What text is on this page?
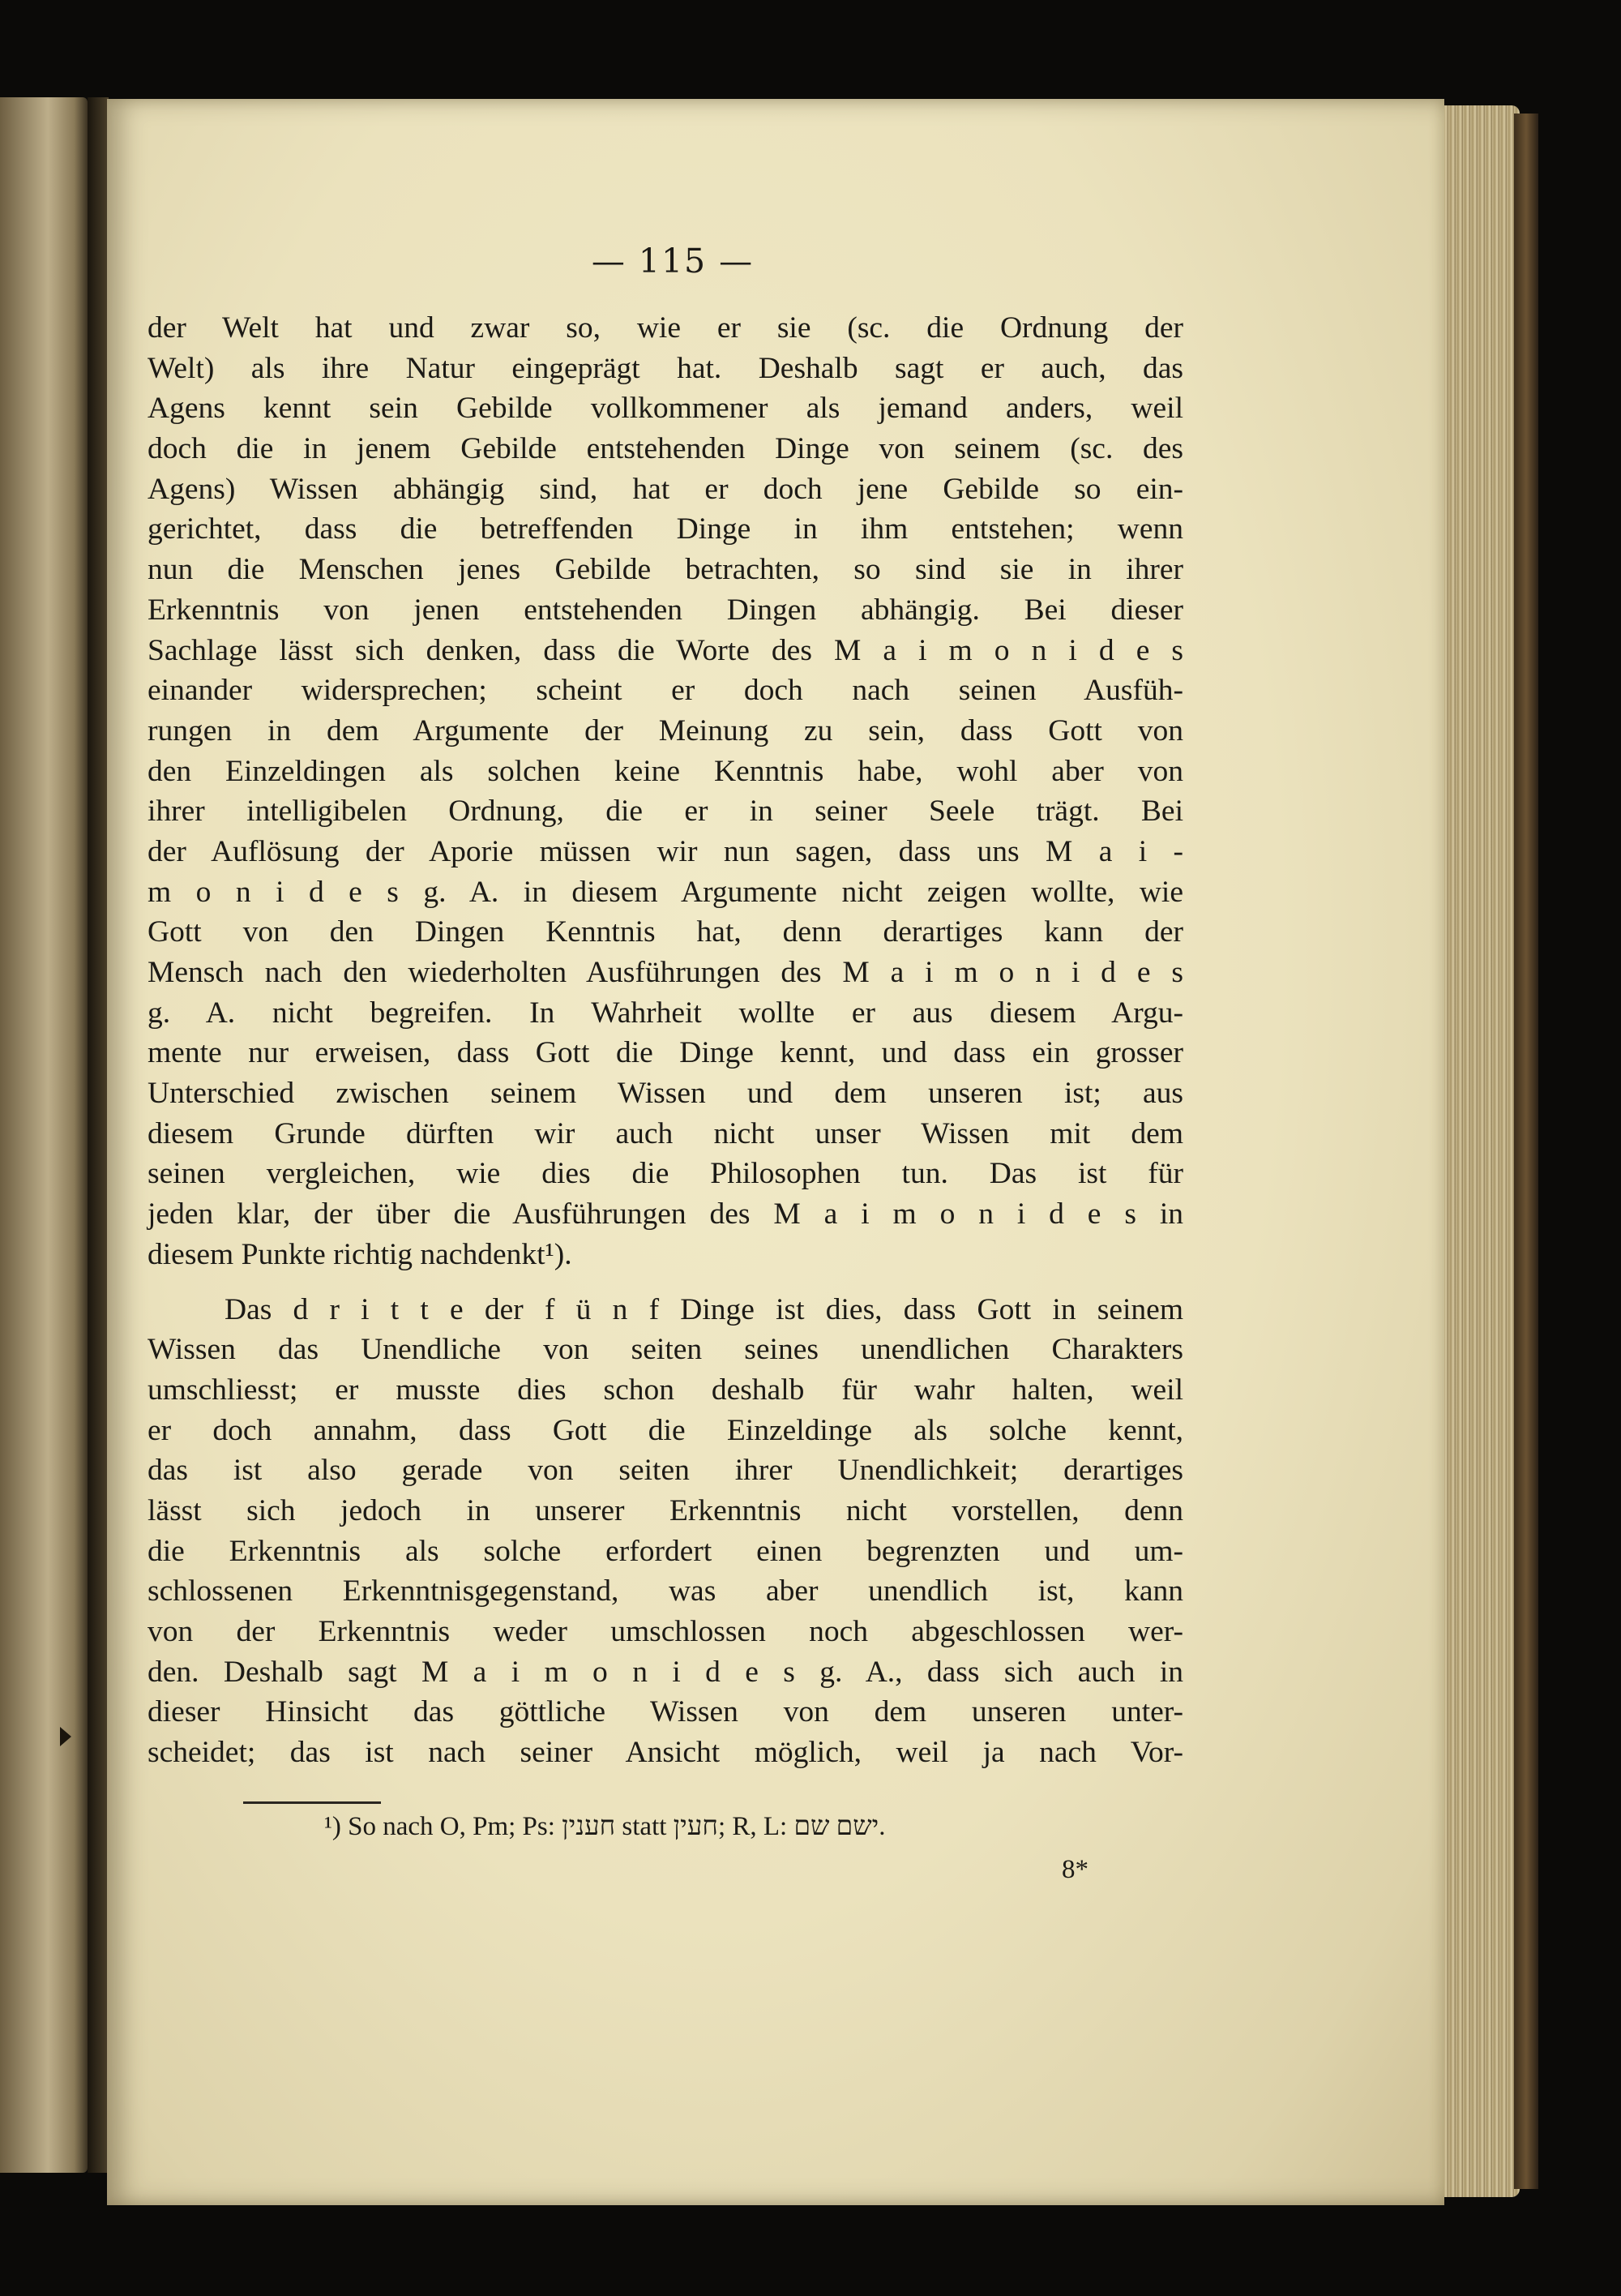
— 115 —
der Welt hat und zwar so, wie er sie (sc. die Ordnung der
Welt) als ihre Natur eingeprägt hat. Deshalb sagt er auch, das
Agens kennt sein Gebilde vollkommener als jemand anders, weil
doch die in jenem Gebilde entstehenden Dinge von seinem (sc. des
Agens) Wissen abhängig sind, hat er doch jene Gebilde so ein-
gerichtet, dass die betreffenden Dinge in ihm entstehen; wenn
nun die Menschen jenes Gebilde betrachten, so sind sie in ihrer
Erkenntnis von jenen entstehenden Dingen abhängig. Bei dieser
Sachlage lässt sich denken, dass die Worte des M a i m o n i d e s
einander widersprechen; scheint er doch nach seinen Ausfüh-
rungen in dem Argumente der Meinung zu sein, dass Gott von
den Einzeldingen als solchen keine Kenntnis habe, wohl aber von
ihrer intelligibelen Ordnung, die er in seiner Seele trägt. Bei
der Auflösung der Aporie müssen wir nun sagen, dass uns M a i -
m o n i d e s g. A. in diesem Argumente nicht zeigen wollte, wie
Gott von den Dingen Kenntnis hat, denn derartiges kann der
Mensch nach den wiederholten Ausführungen des M a i m o n i d e s
g. A. nicht begreifen. In Wahrheit wollte er aus diesem Argu-
mente nur erweisen, dass Gott die Dinge kennt, und dass ein grosser
Unterschied zwischen seinem Wissen und dem unseren ist; aus
diesem Grunde dürften wir auch nicht unser Wissen mit dem
seinen vergleichen, wie dies die Philosophen tun. Das ist für
jeden klar, der über die Ausführungen des M a i m o n i d e s in
diesem Punkte richtig nachdenkt¹).
Das d r i t t e der f ü n f Dinge ist dies, dass Gott in seinem
Wissen das Unendliche von seiten seines unendlichen Charakters
umschliesst; er musste dies schon deshalb für wahr halten, weil
er doch annahm, dass Gott die Einzeldinge als solche kennt,
das ist also gerade von seiten ihrer Unendlichkeit; derartiges
lässt sich jedoch in unserer Erkenntnis nicht vorstellen, denn
die Erkenntnis als solche erfordert einen begrenzten und um-
schlossenen Erkenntnisgegenstand, was aber unendlich ist, kann
von der Erkenntnis weder umschlossen noch abgeschlossen wer-
den. Deshalb sagt M a i m o n i d e s g. A., dass sich auch in
dieser Hinsicht das göttliche Wissen von dem unseren unter-
scheidet; das ist nach seiner Ansicht möglich, weil ja nach Vor-
¹) So nach O, Pm; Ps: חענין statt חעין; R, L: ישם שם.
8*
